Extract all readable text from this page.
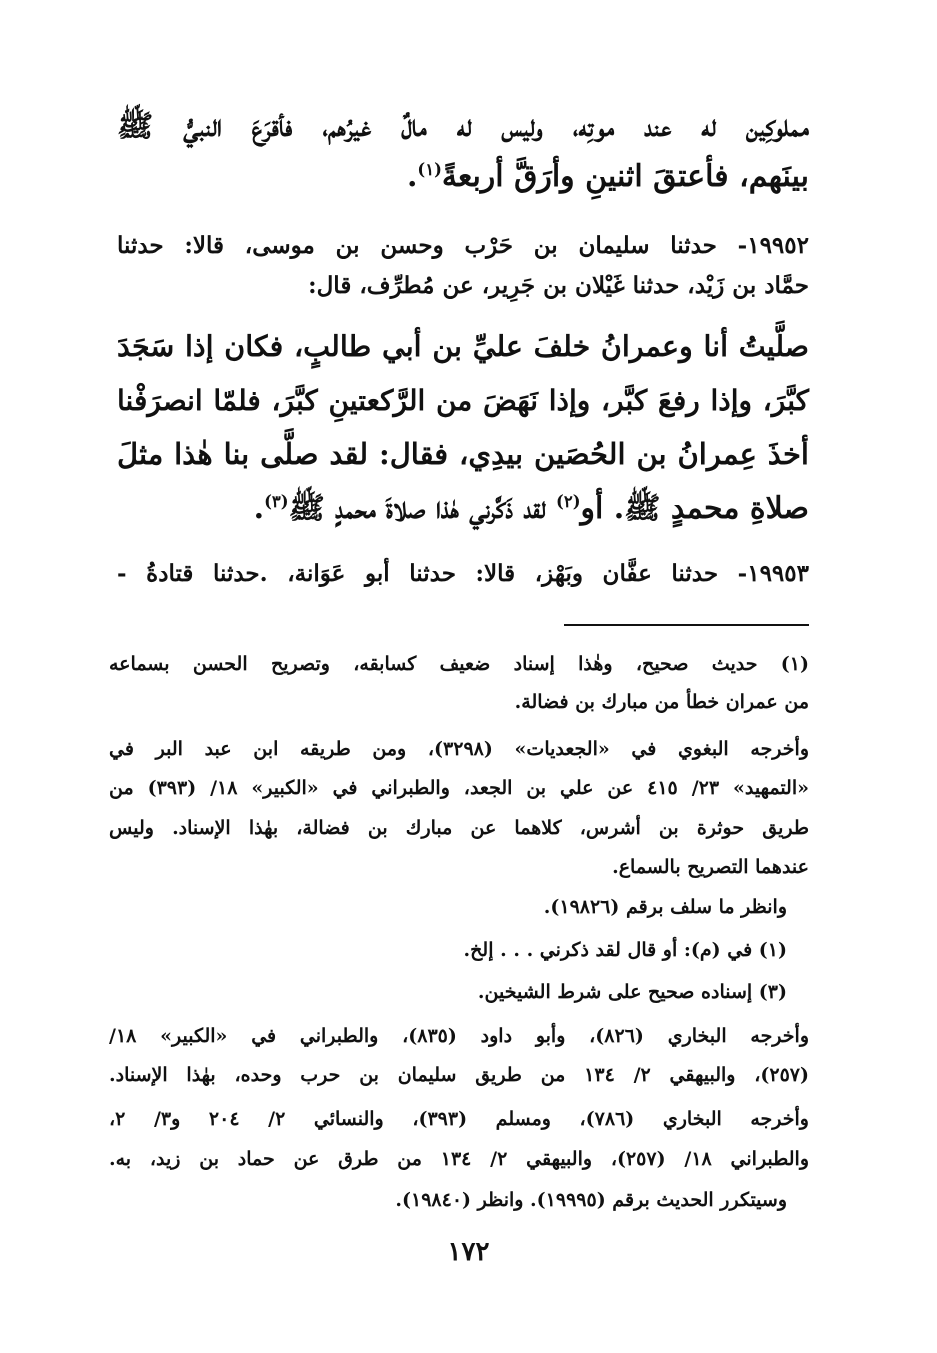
مملوكِين له عند موتِه، وليس له مالٌ غيرُهم، فأقرَعَ النبيُّ ﷺ
بينَهم، فأعتقَ اثنينِ وأرَقَّ أربعةً$^{(١)}$.
١٩٩٥٢- حدثنا سليمان بن حَرْب وحسن بن موسى، قالا: حدثنا
حمَّاد بن زَيْد، حدثنا غَيْلان بن جَرِير، عن مُطرِّف، قال:
صلَّيتُ أنا وعمرانُ خلفَ عليِّ بن أبي طالبٍ، فكان إذا سَجَدَ
كبَّرَ، وإذا رفعَ كبَّر، وإذا نَهَضَ من الرَّكعتينِ كبَّرَ، فلمّا انصرَفْنا
أخذَ عِمرانُ بن الحُصَين بيدِي، فقال: لقد صلَّى بنا هٰذا مثلَ
صلاةِ محمدٍ ﷺ. أو$^{(٢)}$ لقد ذَكَّرني هٰذا صلاةَ محمدٍ ﷺ$^{(٣)}$.
١٩٩٥٣- حدثنا عفَّان وبَهْز، قالا: حدثنا أبو عَوَانة، .حدثنا قتادةُ -
(١) حديث صحيح، وهٰذا إسناد ضعيف كسابقه، وتصريح الحسن بسماعه
من عمران خطأ من مبارك بن فضالة.
وأخرجه البغوي في «الجعديات» (٣٢٩٨)، ومن طريقه ابن عبد البر في
«التمهيد» ٢٣/ ٤١٥ عن علي بن الجعد، والطبراني في «الكبير» ١٨/ (٣٩٣) من
طريق حوثرة بن أشرس، كلاهما عن مبارك بن فضالة، بهٰذا الإسناد. وليس
عندهما التصريح بالسماع.
وانظر ما سلف برقم (١٩٨٢٦).
(١) في (م): أو قال لقد ذكرني . . . إلخ.
(٣) إسناده صحيح على شرط الشيخين.
وأخرجه البخاري (٨٢٦)، وأبو داود (٨٣٥)، والطبراني في «الكبير» ١٨/
(٢٥٧)، والبيهقي ٢/ ١٣٤ من طريق سليمان بن حرب وحده، بهٰذا الإسناد.
وأخرجه البخاري (٧٨٦)، ومسلم (٣٩٣)، والنسائي ٢/ ٢٠٤ و٣/ ٢،
والطبراني ١٨/ (٢٥٧)، والبيهقي ٢/ ١٣٤ من طرق عن حماد بن زيد، به.
وسيتكرر الحديث برقم (١٩٩٩٥). وانظر (١٩٨٤٠).
١٧٢
